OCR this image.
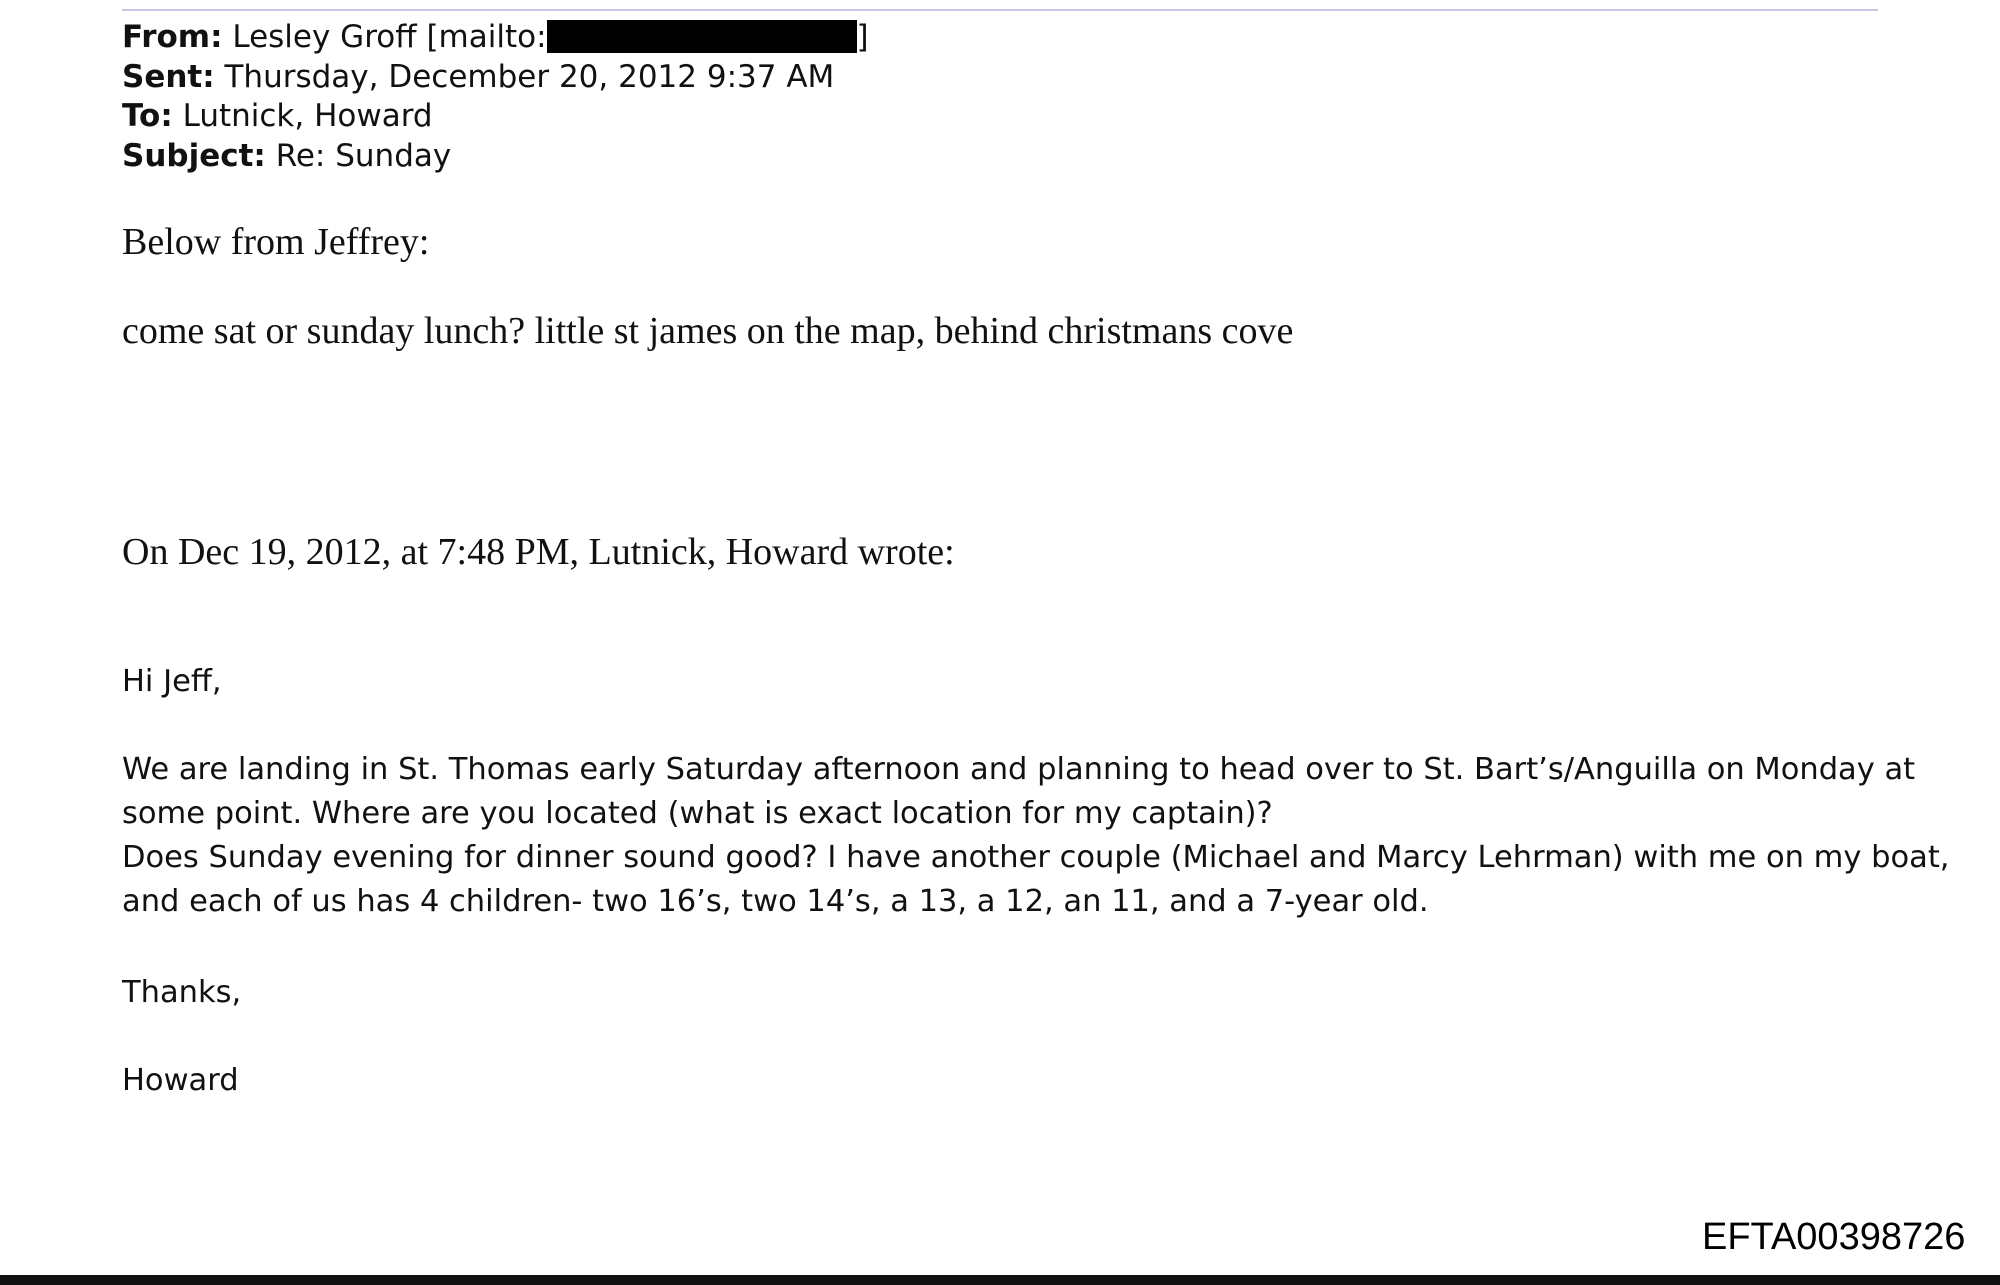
From: Lesley Groff [mailto:	]
Sent: Thursday, December 20, 2012 9:37 AM
To: Lutnick, Howard
Subject: Re: Sunday
Below from Jeffrey:
come sat or sunday lunch? little st james on the map, behind christmans cove
On Dec 19, 2012, at 7:48 PM, Lutnick, Howard wrote:
Hi Jeff,
We are landing in St. Thomas early Saturday afternoon and planning to head over to St. Bart’s/Anguilla on Monday at
some point. Where are you located (what is exact location for my captain)?
Does Sunday evening for dinner sound good? I have another couple (Michael and Marcy Lehrman) with me on my boat,
and each of us has 4 children- two 16’s, two 14’s, a 13, a 12, an 11, and a 7-year old.
Thanks,
Howard
EFTA00398726
